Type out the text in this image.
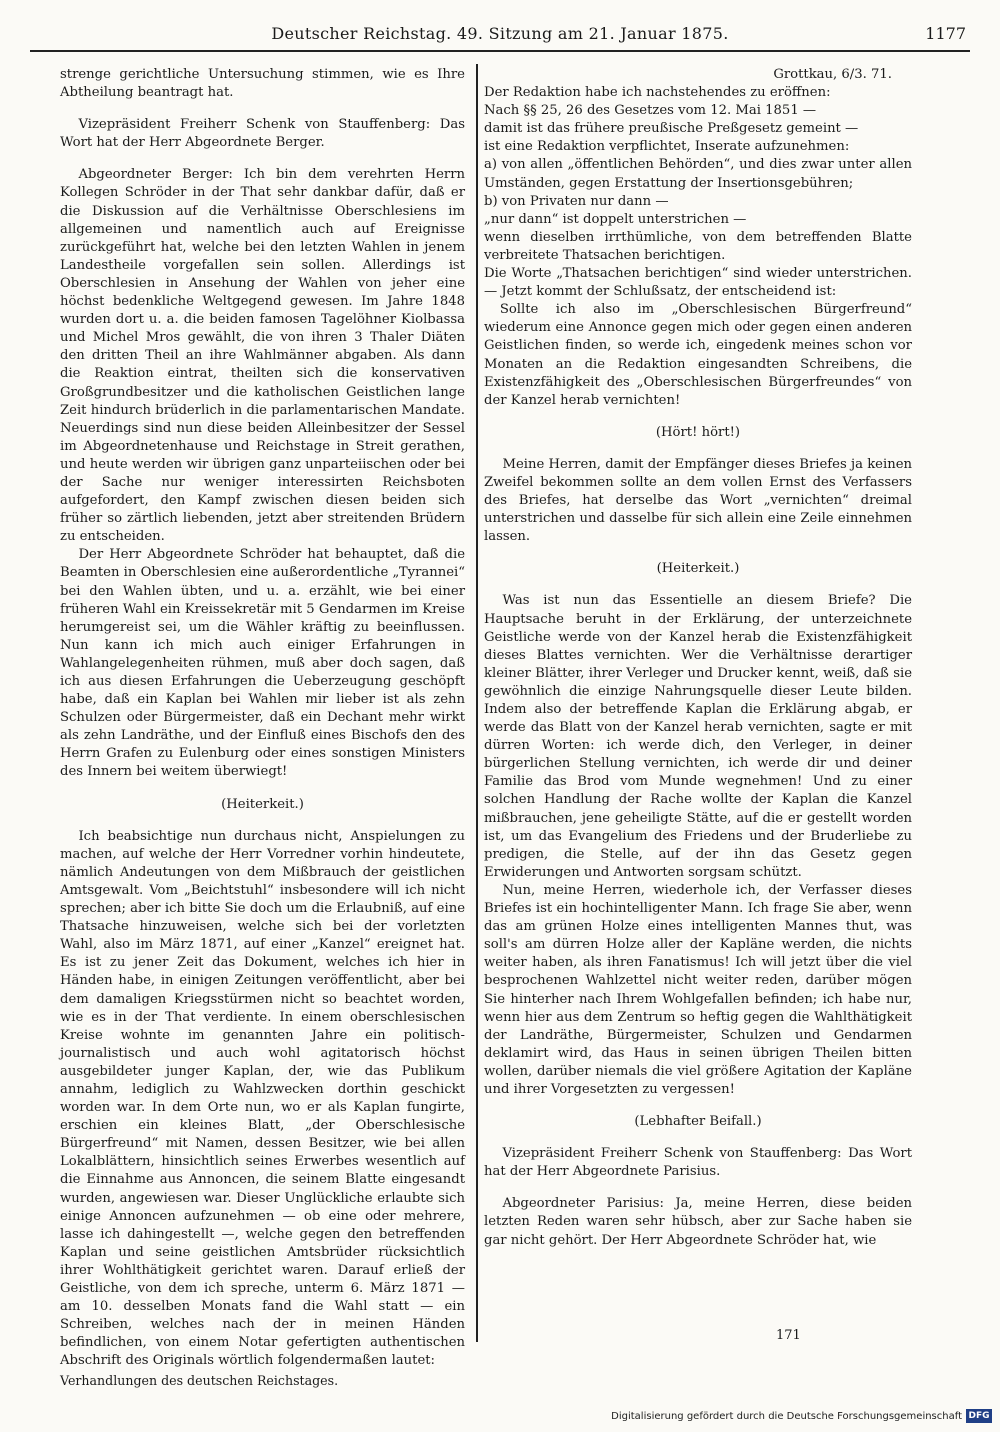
Deutscher Reichstag. 49. Sitzung am 21. Januar 1875.	1177

strenge gerichtliche Untersuchung stimmen, wie es Ihre Abtheilung beantragt hat.

Vizepräsident Freiherr Schenk von Stauffenberg: Das Wort hat der Herr Abgeordnete Berger.

Abgeordneter Berger: Ich bin dem verehrten Herrn Kollegen Schröder in der That sehr dankbar dafür, daß er die Diskussion auf die Verhältnisse Oberschlesiens im allgemeinen und namentlich auch auf Ereignisse zurückgeführt hat, welche bei den letzten Wahlen in jenem Landestheile vorgefallen sein sollen. Allerdings ist Oberschlesien in Ansehung der Wahlen von jeher eine höchst bedenkliche Weltgegend gewesen. Im Jahre 1848 wurden dort u. a. die beiden famosen Tagelöhner Kiolbassa und Michel Mros gewählt, die von ihren 3 Thaler Diäten den dritten Theil an ihre Wahlmänner abgaben. Als dann die Reaktion eintrat, theilten sich die konservativen Großgrundbesitzer und die katholischen Geistlichen lange Zeit hindurch brüderlich in die parlamentarischen Mandate. Neuerdings sind nun diese beiden Alleinbesitzer der Sessel im Abgeordnetenhause und Reichstage in Streit gerathen, und heute werden wir übrigen ganz unparteiischen oder bei der Sache nur weniger interessirten Reichsboten aufgefordert, den Kampf zwischen diesen beiden sich früher so zärtlich liebenden, jetzt aber streitenden Brüdern zu entscheiden.

Der Herr Abgeordnete Schröder hat behauptet, daß die Beamten in Oberschlesien eine außerordentliche „Tyrannei“ bei den Wahlen übten, und u. a. erzählt, wie bei einer früheren Wahl ein Kreissekretär mit 5 Gendarmen im Kreise herumgereist sei, um die Wähler kräftig zu beeinflussen. Nun kann ich mich auch einiger Erfahrungen in Wahlangelegenheiten rühmen, muß aber doch sagen, daß ich aus diesen Erfahrungen die Ueberzeugung geschöpft habe, daß ein Kaplan bei Wahlen mir lieber ist als zehn Schulzen oder Bürgermeister, daß ein Dechant mehr wirkt als zehn Landräthe, und der Einfluß eines Bischofs den des Herrn Grafen zu Eulenburg oder eines sonstigen Ministers des Innern bei weitem überwiegt!

(Heiterkeit.)

Ich beabsichtige nun durchaus nicht, Anspielungen zu machen, auf welche der Herr Vorredner vorhin hindeutete, nämlich Andeutungen von dem Mißbrauch der geistlichen Amtsgewalt. Vom „Beichtstuhl“ insbesondere will ich nicht sprechen; aber ich bitte Sie doch um die Erlaubniß, auf eine Thatsache hinzuweisen, welche sich bei der vorletzten Wahl, also im März 1871, auf einer „Kanzel“ ereignet hat. Es ist zu jener Zeit das Dokument, welches ich hier in Händen habe, in einigen Zeitungen veröffentlicht, aber bei dem damaligen Kriegsstürmen nicht so beachtet worden, wie es in der That verdiente. In einem oberschlesischen Kreise wohnte im genannten Jahre ein politisch-journalistisch und auch wohl agitatorisch höchst ausgebildeter junger Kaplan, der, wie das Publikum annahm, lediglich zu Wahlzwecken dorthin geschickt worden war. In dem Orte nun, wo er als Kaplan fungirte, erschien ein kleines Blatt, „der Oberschlesische Bürgerfreund“ mit Namen, dessen Besitzer, wie bei allen Lokalblättern, hinsichtlich seines Erwerbes wesentlich auf die Einnahme aus Annoncen, die seinem Blatte eingesandt wurden, angewiesen war. Dieser Unglückliche erlaubte sich einige Annoncen aufzunehmen — ob eine oder mehrere, lasse ich dahingestellt —, welche gegen den betreffenden Kaplan und seine geistlichen Amtsbrüder rücksichtlich ihrer Wohlthätigkeit gerichtet waren. Darauf erließ der Geistliche, von dem ich spreche, unterm 6. März 1871 — am 10. desselben Monats fand die Wahl statt — ein Schreiben, welches nach der in meinen Händen befindlichen, von einem Notar gefertigten authentischen Abschrift des Originals wörtlich folgendermaßen lautet:

Verhandlungen des deutschen Reichstages.

Grottkau, 6/3. 71.

Der Redaktion habe ich nachstehendes zu eröffnen:

Nach §§ 25, 26 des Gesetzes vom 12. Mai 1851 —

damit ist das frühere preußische Preßgesetz gemeint —

ist eine Redaktion verpflichtet, Inserate aufzunehmen:

a) von allen „öffentlichen Behörden“, und dies zwar unter allen Umständen, gegen Erstattung der Insertionsgebühren;

b) von Privaten nur dann —

„nur dann“ ist doppelt unterstrichen —

wenn dieselben irrthümliche, von dem betreffenden Blatte verbreitete Thatsachen berichtigen.

Die Worte „Thatsachen berichtigen“ sind wieder unterstrichen. — Jetzt kommt der Schlußsatz, der entscheidend ist:

Sollte ich also im „Oberschlesischen Bürgerfreund“ wiederum eine Annonce gegen mich oder gegen einen anderen Geistlichen finden, so werde ich, eingedenk meines schon vor Monaten an die Redaktion eingesandten Schreibens, die Existenzfähigkeit des „Oberschlesischen Bürgerfreundes“ von der Kanzel herab vernichten!

(Hört! hört!)

Meine Herren, damit der Empfänger dieses Briefes ja keinen Zweifel bekommen sollte an dem vollen Ernst des Verfassers des Briefes, hat derselbe das Wort „vernichten“ dreimal unterstrichen und dasselbe für sich allein eine Zeile einnehmen lassen.

(Heiterkeit.)

Was ist nun das Essentielle an diesem Briefe? Die Hauptsache beruht in der Erklärung, der unterzeichnete Geistliche werde von der Kanzel herab die Existenzfähigkeit dieses Blattes vernichten. Wer die Verhältnisse derartiger kleiner Blätter, ihrer Verleger und Drucker kennt, weiß, daß sie gewöhnlich die einzige Nahrungsquelle dieser Leute bilden. Indem also der betreffende Kaplan die Erklärung abgab, er werde das Blatt von der Kanzel herab vernichten, sagte er mit dürren Worten: ich werde dich, den Verleger, in deiner bürgerlichen Stellung vernichten, ich werde dir und deiner Familie das Brod vom Munde wegnehmen! Und zu einer solchen Handlung der Rache wollte der Kaplan die Kanzel mißbrauchen, jene geheiligte Stätte, auf die er gestellt worden ist, um das Evangelium des Friedens und der Bruderliebe zu predigen, die Stelle, auf der ihn das Gesetz gegen Erwiderungen und Antworten sorgsam schützt.

Nun, meine Herren, wiederhole ich, der Verfasser dieses Briefes ist ein hochintelligenter Mann. Ich frage Sie aber, wenn das am grünen Holze eines intelligenten Mannes thut, was soll's am dürren Holze aller der Kapläne werden, die nichts weiter haben, als ihren Fanatismus! Ich will jetzt über die viel besprochenen Wahlzettel nicht weiter reden, darüber mögen Sie hinterher nach Ihrem Wohlgefallen befinden; ich habe nur, wenn hier aus dem Zentrum so heftig gegen die Wahlthätigkeit der Landräthe, Bürgermeister, Schulzen und Gendarmen deklamirt wird, das Haus in seinen übrigen Theilen bitten wollen, darüber niemals die viel größere Agitation der Kapläne und ihrer Vorgesetzten zu vergessen!

(Lebhafter Beifall.)

Vizepräsident Freiherr Schenk von Stauffenberg: Das Wort hat der Herr Abgeordnete Parisius.

Abgeordneter Parisius: Ja, meine Herren, diese beiden letzten Reden waren sehr hübsch, aber zur Sache haben sie gar nicht gehört. Der Herr Abgeordnete Schröder hat, wie

171
Digitalisierung gefördert durch die Deutsche Forschungsgemeinschaft DFG
